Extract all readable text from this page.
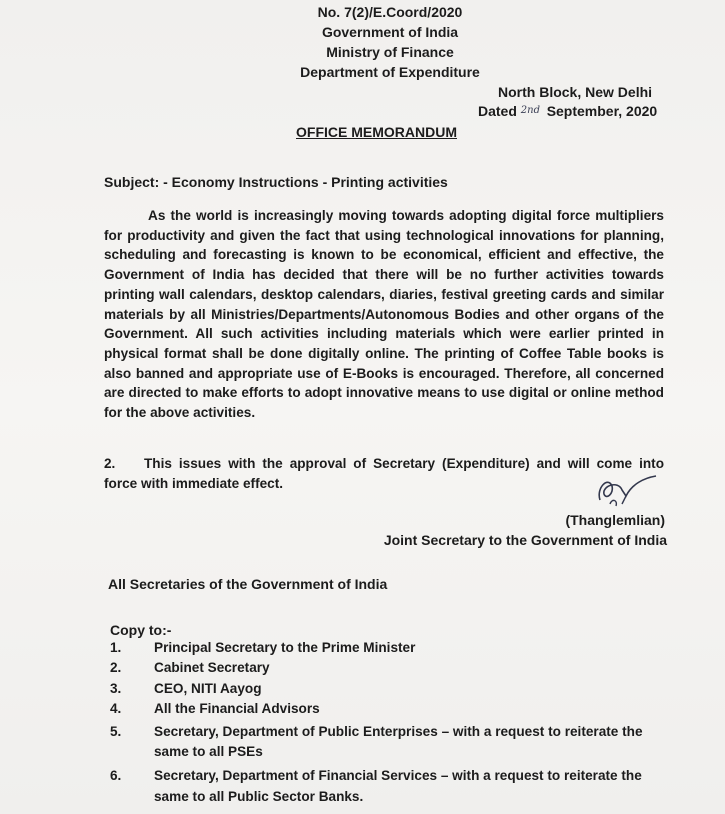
No. 7(2)/E.Coord/2020
Government of India
Ministry of Finance
Department of Expenditure
North Block, New Delhi
Dated 2nd September, 2020
OFFICE MEMORANDUM
Subject: - Economy Instructions - Printing activities

As the world is increasingly moving towards adopting digital force multipliers for productivity and given the fact that using technological innovations for planning, scheduling and forecasting is known to be economical, efficient and effective, the Government of India has decided that there will be no further activities towards printing wall calendars, desktop calendars, diaries, festival greeting cards and similar materials by all Ministries/Departments/Autonomous Bodies and other organs of the Government. All such activities including materials which were earlier printed in physical format shall be done digitally online. The printing of Coffee Table books is also banned and appropriate use of E-Books is encouraged. Therefore, all concerned are directed to make efforts to adopt innovative means to use digital or online method for the above activities.

2. This issues with the approval of Secretary (Expenditure) and will come into force with immediate effect.

(Thanglemlian)
Joint Secretary to the Government of India
All Secretaries of the Government of India
Copy to:-
1.	Principal Secretary to the Prime Minister
2.	Cabinet Secretary
3.	CEO, NITI Aayog
4.	All the Financial Advisors
5.	Secretary, Department of Public Enterprises – with a request to reiterate the same to all PSEs
6.	Secretary, Department of Financial Services – with a request to reiterate the same to all Public Sector Banks.
